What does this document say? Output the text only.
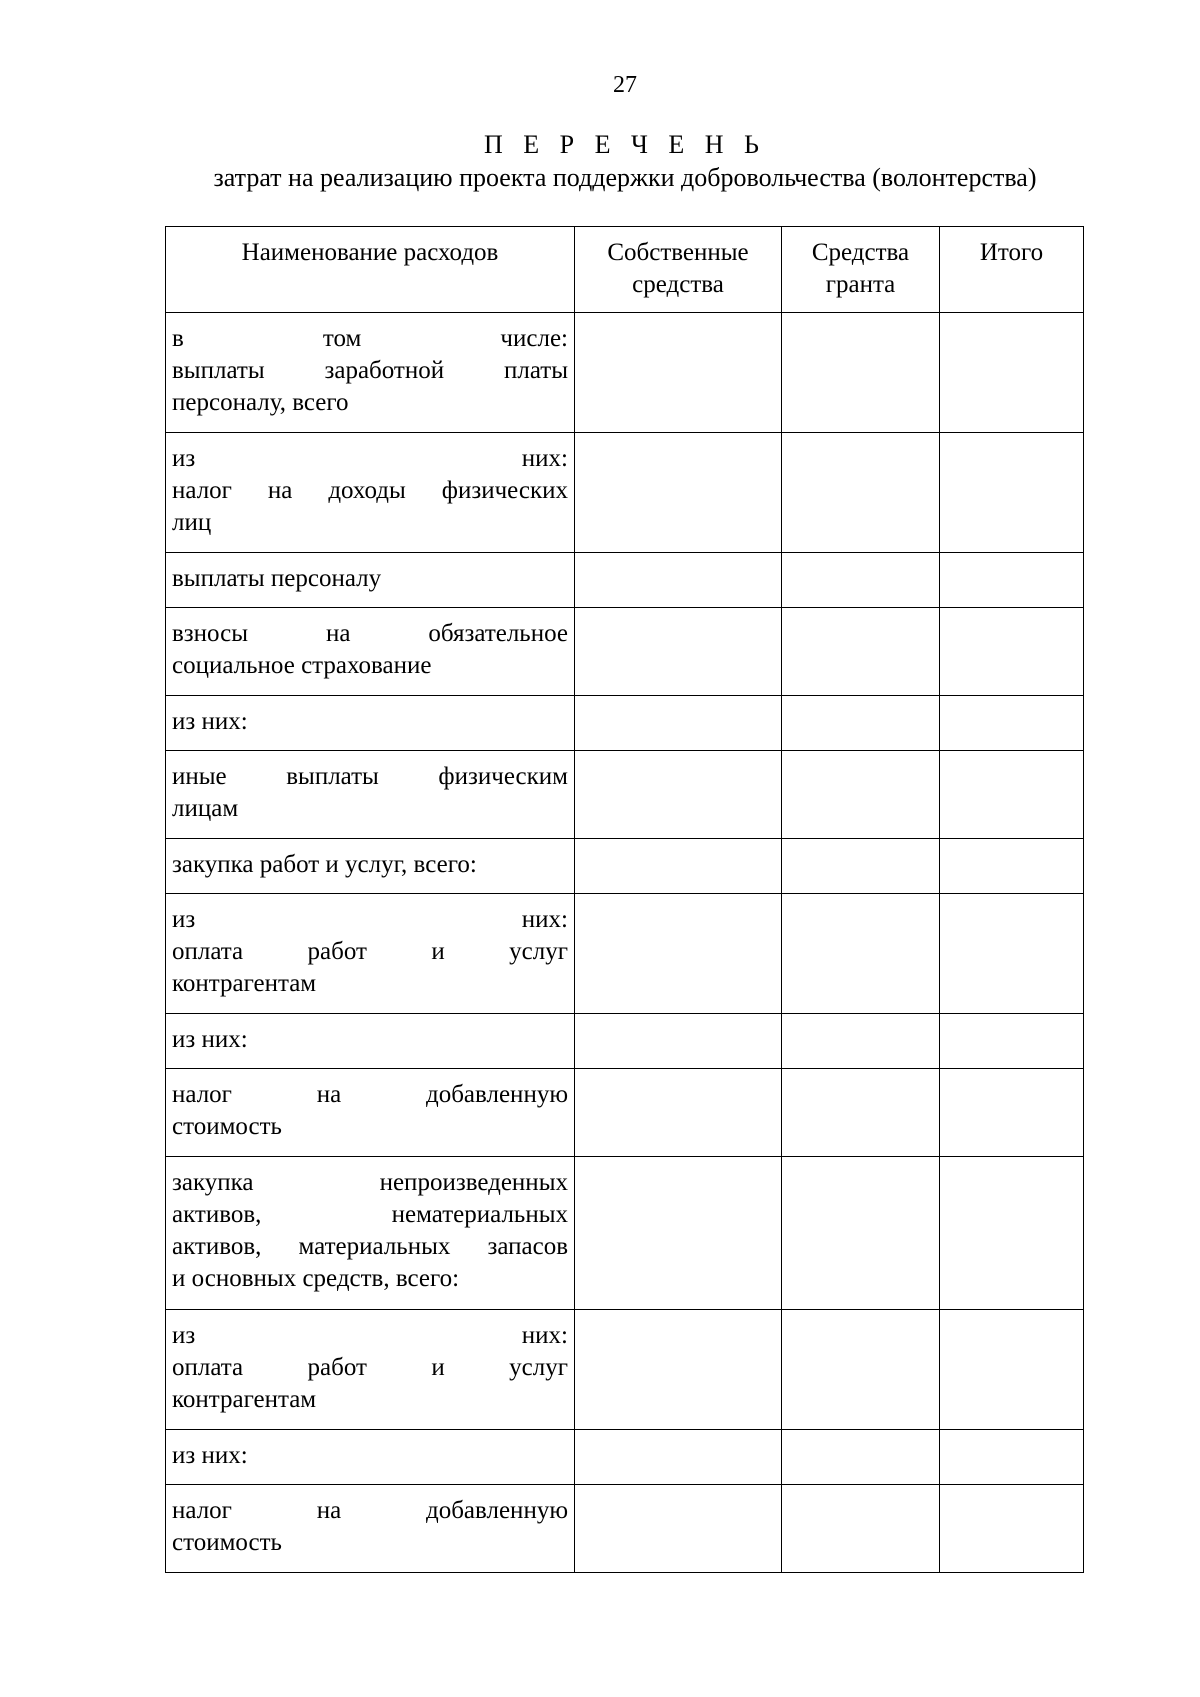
27
П Е Р Е Ч Е Н Ь
затрат на реализацию проекта поддержки добровольчества (волонтерства)
Наименование расходов	Собственные средства	Средства гранта	Итого

в том числе:
выплаты заработной платы
персоналу, всего			

из них:
налог на доходы физических
лиц			

выплаты персоналу			

взносы на обязательное
социальное страхование			

из них:			

иные выплаты физическим
лицам			

закупка работ и услуг, всего:			

из них:
оплата работ и услуг
контрагентам			

из них:			

налог на добавленную
стоимость			

закупка непроизведенных
активов, нематериальных
активов, материальных запасов
и основных средств, всего:			

из них:
оплата работ и услуг
контрагентам			

из них:			

налог на добавленную
стоимость			
